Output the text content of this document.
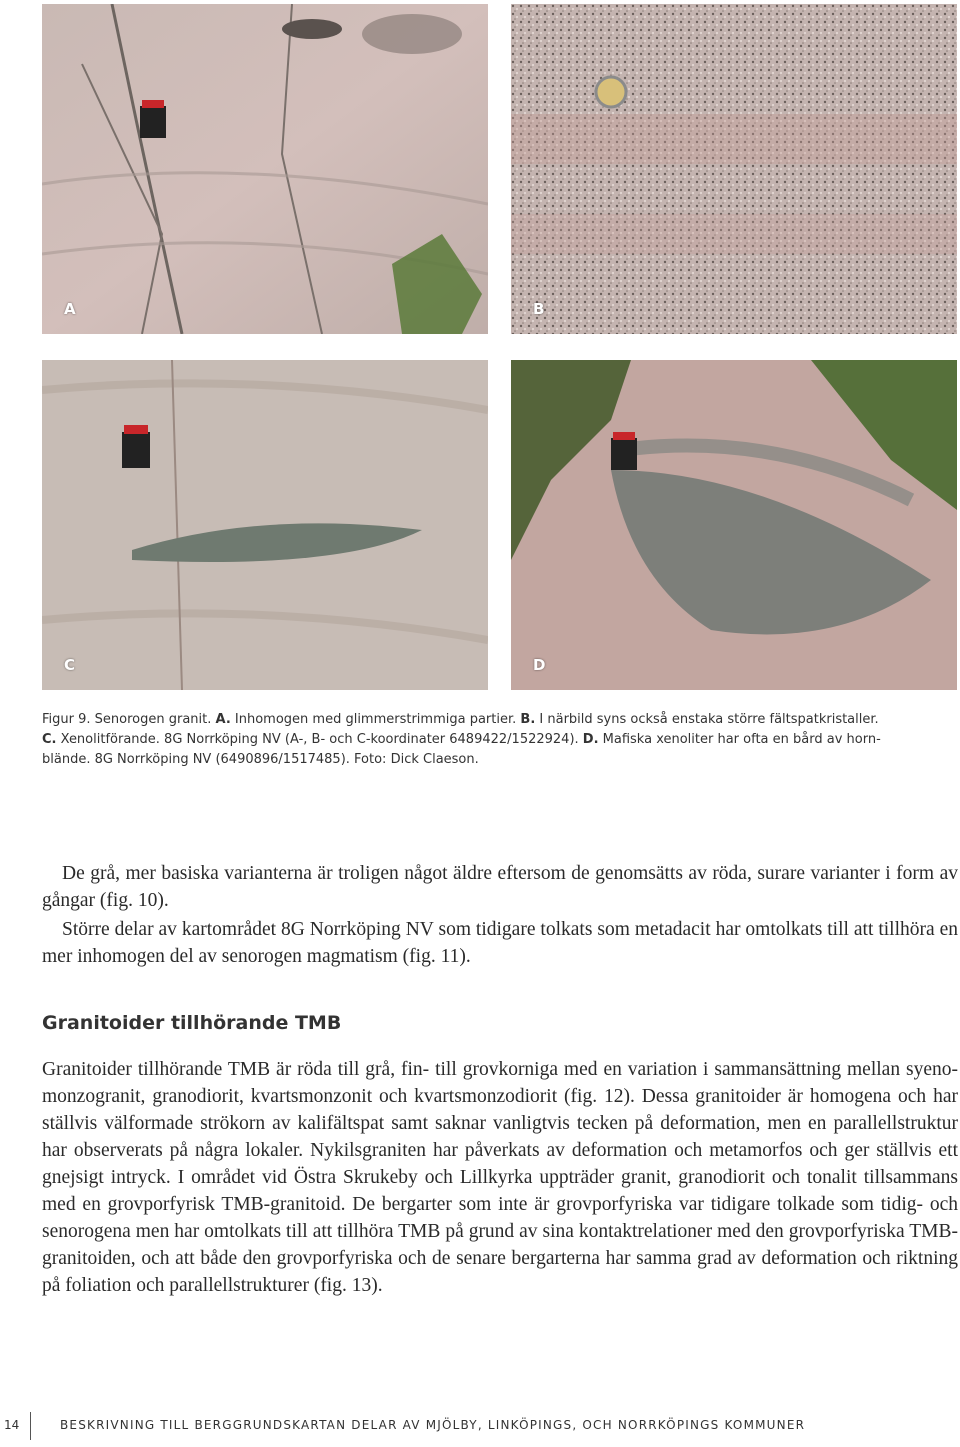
A	B
C	D
Figur 9. Senorogen granit. A. Inhomogen med glimmerstrimmiga partier. B. I närbild syns också enstaka större fältspatkristaller.
C. Xenolitförande. 8G Norrköping NV (A-, B- och C-koordinater 6489422/1522924). D. Mafiska xenoliter har ofta en bård av horn-blände. 8G Norrköping NV (6490896/1517485). Foto: Dick Claeson.

De grå, mer basiska varianterna är troligen något äldre eftersom de genomsätts av röda, surare varianter i form av gångar (fig. 10).

Större delar av kartområdet 8G Norrköping NV som tidigare tolkats som metadacit har omtolkats till att tillhöra en mer inhomogen del av senorogen magmatism (fig. 11).

Granitoider tillhörande TMB

Granitoider tillhörande TMB är röda till grå, fin- till grovkorniga med en variation i sammansättning mellan syeno-monzogranit, granodiorit, kvartsmonzonit och kvartsmonzodiorit (fig. 12). Dessa granitoider är homogena och har ställvis välformade strökorn av kalifältspat samt saknar vanligtvis tecken på deformation, men en parallellstruktur har observerats på några lokaler. Nykilsgraniten har påverkats av deformation och metamorfos och ger ställvis ett gnejsigt intryck. I området vid Östra Skrukeby och Lillkyrka uppträder granit, granodiorit och tonalit tillsammans med en grovporfyrisk TMB-granitoid. De bergarter som inte är grovporfyriska var tidigare tolkade som tidig- och senorogena men har omtolkats till att tillhöra TMB på grund av sina kontaktrelationer med den grovporfyriska TMB-granitoiden, och att både den grovporfyriska och de senare bergarterna har samma grad av deformation och riktning på foliation och parallellstrukturer (fig. 13).

14	BESKRIVNING TILL BERGGRUNDSKARTAN DELAR AV MJÖLBY, LINKÖPINGS, OCH NORRKÖPINGS KOMMUNER
